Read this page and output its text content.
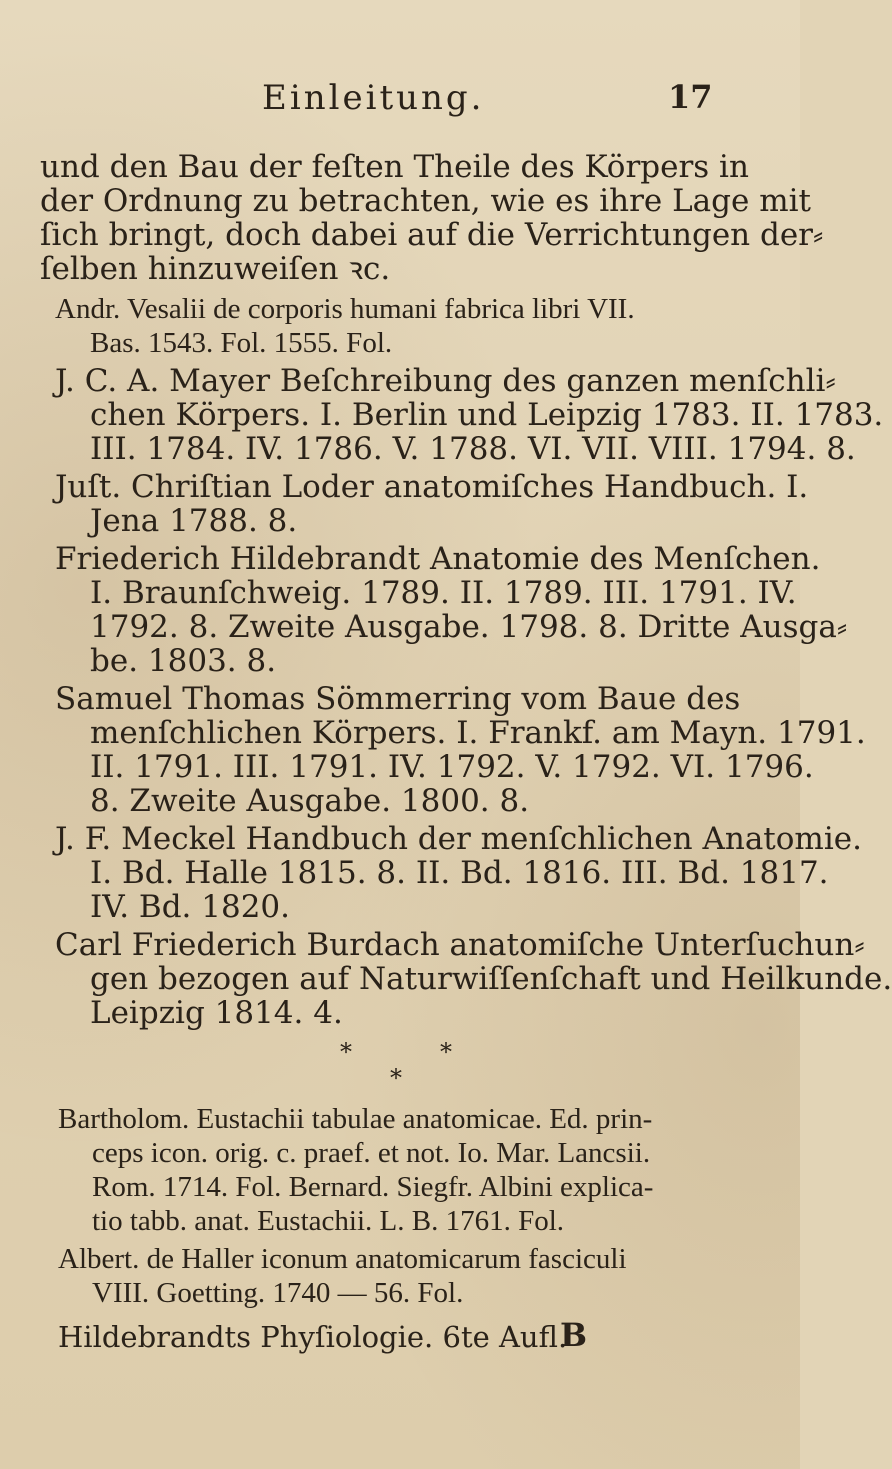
Einleitung.	17
und den Bau der feſten Theile des Körpers in
der Ordnung zu betrachten, wie es ihre Lage mit
ſich bringt, doch dabei auf die Verrichtungen der⸗
ſelben hinzuweiſen ꝛc.
Andr. Vesalii de corporis humani fabrica libri VII.
Bas. 1543. Fol. 1555. Fol.
J. C. A. Mayer Beſchreibung des ganzen menſchli⸗
chen Körpers. I. Berlin und Leipzig 1783. II. 1783.
III. 1784. IV. 1786. V. 1788. VI. VII. VIII. 1794. 8.
Juſt. Chriſtian Loder anatomiſches Handbuch. I.
Jena 1788. 8.
Friederich Hildebrandt Anatomie des Menſchen.
I. Braunſchweig. 1789. II. 1789. III. 1791. IV.
1792. 8. Zweite Ausgabe. 1798. 8. Dritte Ausga⸗
be. 1803. 8.
Samuel Thomas Sömmerring vom Baue des
menſchlichen Körpers. I. Frankf. am Mayn. 1791.
II. 1791. III. 1791. IV. 1792. V. 1792. VI. 1796.
8. Zweite Ausgabe. 1800. 8.
J. F. Meckel Handbuch der menſchlichen Anatomie.
I. Bd. Halle 1815. 8. II. Bd. 1816. III. Bd. 1817.
IV. Bd. 1820.
Carl Friederich Burdach anatomiſche Unterſuchun⸗
gen bezogen auf Naturwiſſenſchaft und Heilkunde.
Leipzig 1814. 4.
*	*
*
Bartholom. Eustachii tabulae anatomicae. Ed. prin-
ceps icon. orig. c. praef. et not. Io. Mar. Lancsii.
Rom. 1714. Fol. Bernard. Siegfr. Albini explica-
tio tabb. anat. Eustachii. L. B. 1761. Fol.
Albert. de Haller iconum anatomicarum fasciculi
VIII. Goetting. 1740 — 56. Fol.
Hildebrandts Phyſiologie. 6te Aufl.
B
